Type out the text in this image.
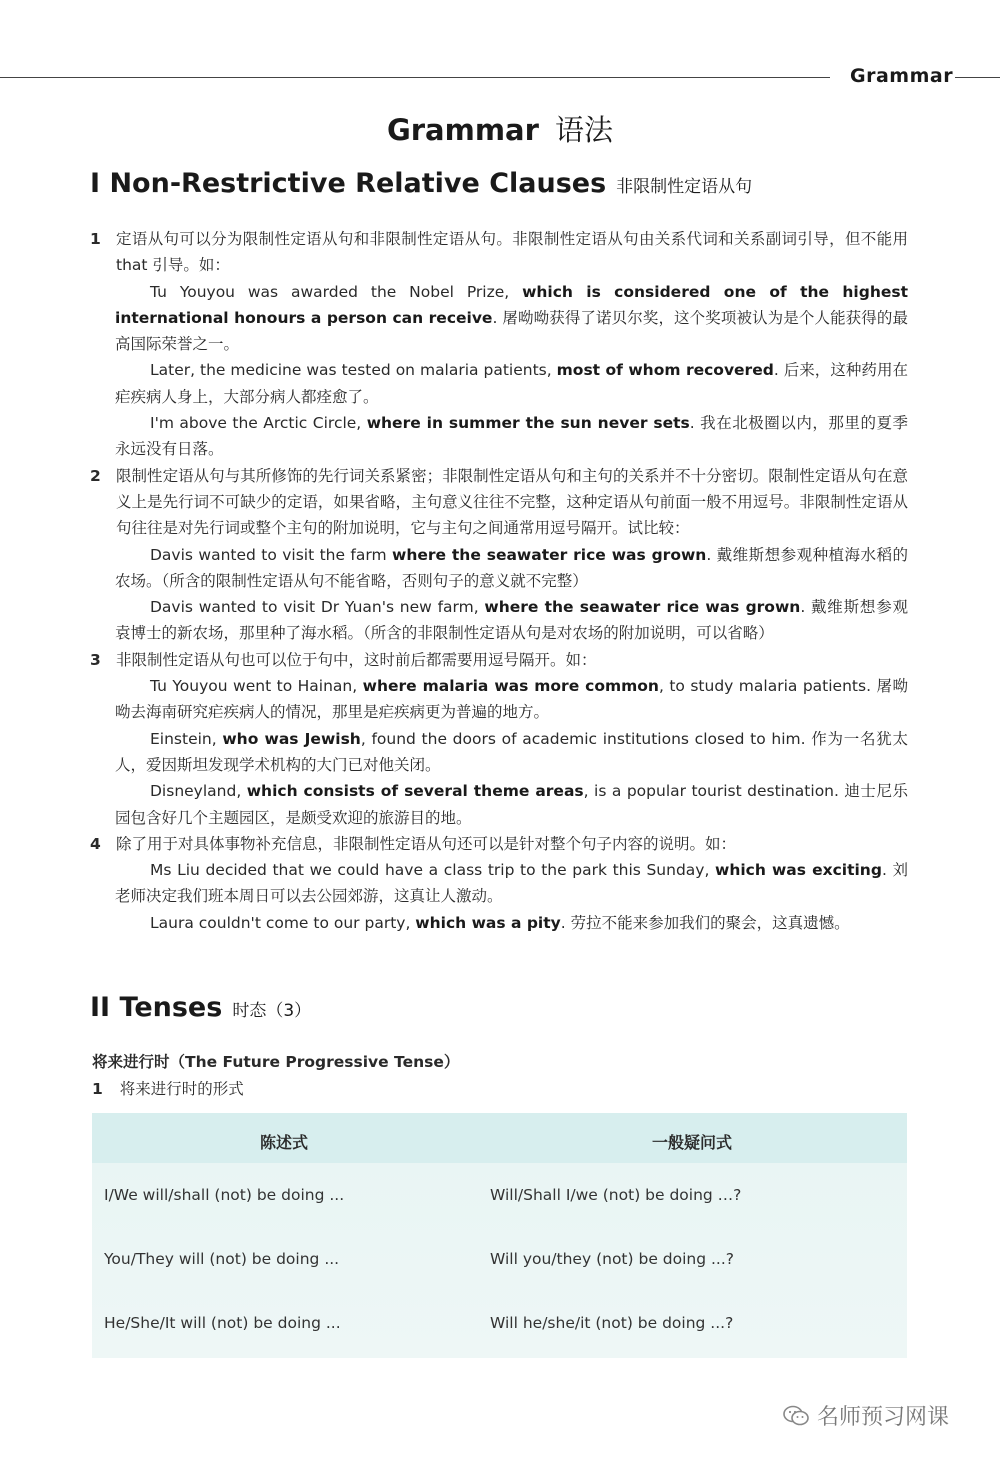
Grammar
Grammar 语法
I Non-Restrictive Relative Clauses 非限制性定语从句
1 定语从句可以分为限制性定语从句和非限制性定语从句。非限制性定语从句由关系代词和关系副词引导，但不能用 that 引导。如：
Tu Youyou was awarded the Nobel Prize, which is considered one of the highest international honours a person can receive. 屠呦呦获得了诺贝尔奖，这个奖项被认为是个人能获得的最高国际荣誉之一。
Later, the medicine was tested on malaria patients, most of whom recovered. 后来，这种药用在疟疾病人身上，大部分病人都痊愈了。
I'm above the Arctic Circle, where in summer the sun never sets. 我在北极圈以内，那里的夏季永远没有日落。
2 限制性定语从句与其所修饰的先行词关系紧密；非限制性定语从句和主句的关系并不十分密切。限制性定语从句在意义上是先行词不可缺少的定语，如果省略，主句意义往往不完整，这种定语从句前面一般不用逗号。非限制性定语从句往往是对先行词或整个主句的附加说明，它与主句之间通常用逗号隔开。试比较：
Davis wanted to visit the farm where the seawater rice was grown. 戴维斯想参观种植海水稻的农场。（所含的限制性定语从句不能省略，否则句子的意义就不完整）
Davis wanted to visit Dr Yuan's new farm, where the seawater rice was grown. 戴维斯想参观袁博士的新农场，那里种了海水稻。（所含的非限制性定语从句是对农场的附加说明，可以省略）
3 非限制性定语从句也可以位于句中，这时前后都需要用逗号隔开。如：
Tu Youyou went to Hainan, where malaria was more common, to study malaria patients. 屠呦呦去海南研究疟疾病人的情况，那里是疟疾病更为普遍的地方。
Einstein, who was Jewish, found the doors of academic institutions closed to him. 作为一名犹太人，爱因斯坦发现学术机构的大门已对他关闭。
Disneyland, which consists of several theme areas, is a popular tourist destination. 迪士尼乐园包含好几个主题园区，是颇受欢迎的旅游目的地。
4 除了用于对具体事物补充信息，非限制性定语从句还可以是针对整个句子内容的说明。如：
Ms Liu decided that we could have a class trip to the park this Sunday, which was exciting. 刘老师决定我们班本周日可以去公园郊游，这真让人激动。
Laura couldn't come to our party, which was a pity. 劳拉不能来参加我们的聚会，这真遗憾。
II Tenses 时态（3）
将来进行时（The Future Progressive Tense）
1 将来进行时的形式
陈述式	一般疑问式
I/We will/shall (not) be doing ...	Will/Shall I/we (not) be doing …?
You/They will (not) be doing ...	Will you/they (not) be doing ...?
He/She/It will (not) be doing ...	Will he/she/it (not) be doing ...?
名师预习网课
